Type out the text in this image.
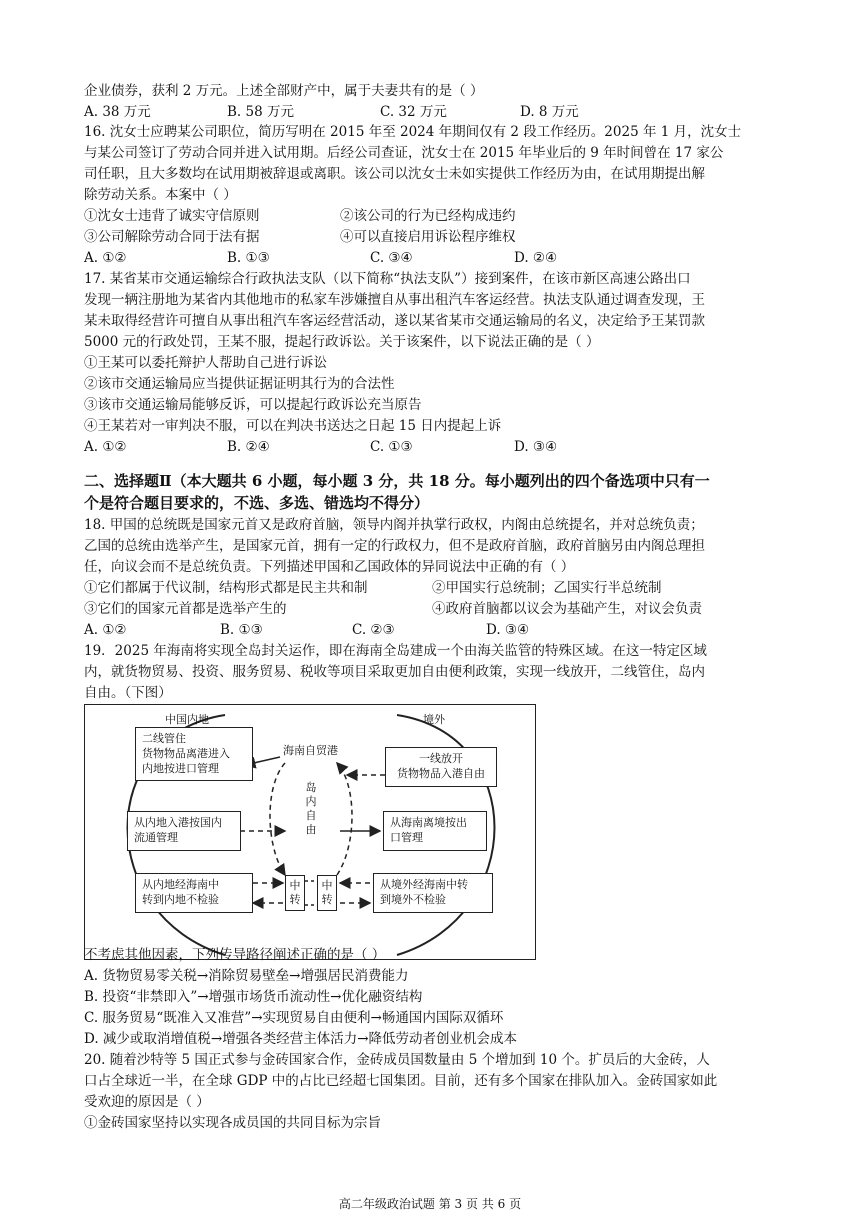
企业债券，获利 2 万元。上述全部财产中，属于夫妻共有的是（ ）
A. 38 万元	B. 58 万元	C. 32 万元	D. 8 万元
16. 沈女士应聘某公司职位，简历写明在 2015 年至 2024 年期间仅有 2 段工作经历。2025 年 1 月，沈女士
与某公司签订了劳动合同并进入试用期。后经公司查证，沈女士在 2015 年毕业后的 9 年时间曾在 17 家公
司任职，且大多数均在试用期被辞退或离职。该公司以沈女士未如实提供工作经历为由，在试用期提出解
除劳动关系。本案中（ ）
①沈女士违背了诚实守信原则	②该公司的行为已经构成违约
③公司解除劳动合同于法有据	④可以直接启用诉讼程序维权
A. ①②	B. ①③	C. ③④	D. ②④
17. 某省某市交通运输综合行政执法支队（以下简称“执法支队”）接到案件，在该市新区高速公路出口
发现一辆注册地为某省内其他地市的私家车涉嫌擅自从事出租汽车客运经营。执法支队通过调查发现，王
某未取得经营许可擅自从事出租汽车客运经营活动，遂以某省某市交通运输局的名义，决定给予王某罚款
5000 元的行政处罚，王某不服，提起行政诉讼。关于该案件，以下说法正确的是（ ）
①王某可以委托辩护人帮助自己进行诉讼
②该市交通运输局应当提供证据证明其行为的合法性
③该市交通运输局能够反诉，可以提起行政诉讼充当原告
④王某若对一审判决不服，可以在判决书送达之日起 15 日内提起上诉
A. ①②	B. ②④	C. ①③	D. ③④
二、选择题Ⅱ（本大题共 6 小题，每小题 3 分，共 18 分。每小题列出的四个备选项中只有一
个是符合题目要求的，不选、多选、错选均不得分）
18. 甲国的总统既是国家元首又是政府首脑，领导内阁并执掌行政权，内阁由总统提名，并对总统负责；
乙国的总统由选举产生，是国家元首，拥有一定的行政权力，但不是政府首脑，政府首脑另由内阁总理担
任，向议会而不是总统负责。下列描述甲国和乙国政体的异同说法中正确的有（ ）
①它们都属于代议制，结构形式都是民主共和制	②甲国实行总统制；乙国实行半总统制
③它们的国家元首都是选举产生的	④政府首脑都以议会为基础产生，对议会负责
A. ①②	B. ①③	C. ②③	D. ③④
19．2025 年海南将实现全岛封关运作，即在海南全岛建成一个由海关监管的特殊区域。在这一特定区域
内，就货物贸易、投资、服务贸易、税收等项目采取更加自由便利政策，实现一线放开，二线管住，岛内
自由。（下图）
中国内地	境外
海南自贸港
岛
内
自
由
二线管住
货物物品离港进入
内地按进口管理
一线放开
货物物品入港自由
从内地入港按国内
流通管理
从海南离境按出
口管理
从内地经海南中
转到内地不检验
中
转
中
转
从境外经海南中转
到境外不检验
不考虑其他因素，下列传导路径阐述正确的是（ ）
A. 货物贸易零关税→消除贸易壁垒→增强居民消费能力
B. 投资“非禁即入”→增强市场货币流动性→优化融资结构
C. 服务贸易“既准入又准营”→实现贸易自由便利→畅通国内国际双循环
D. 减少或取消增值税→增强各类经营主体活力→降低劳动者创业机会成本
20. 随着沙特等 5 国正式参与金砖国家合作，金砖成员国数量由 5 个增加到 10 个。扩员后的大金砖，人
口占全球近一半，在全球 GDP 中的占比已经超七国集团。目前，还有多个国家在排队加入。金砖国家如此
受欢迎的原因是（ ）
①金砖国家坚持以实现各成员国的共同目标为宗旨
高二年级政治试题 第 3 页 共 6 页
